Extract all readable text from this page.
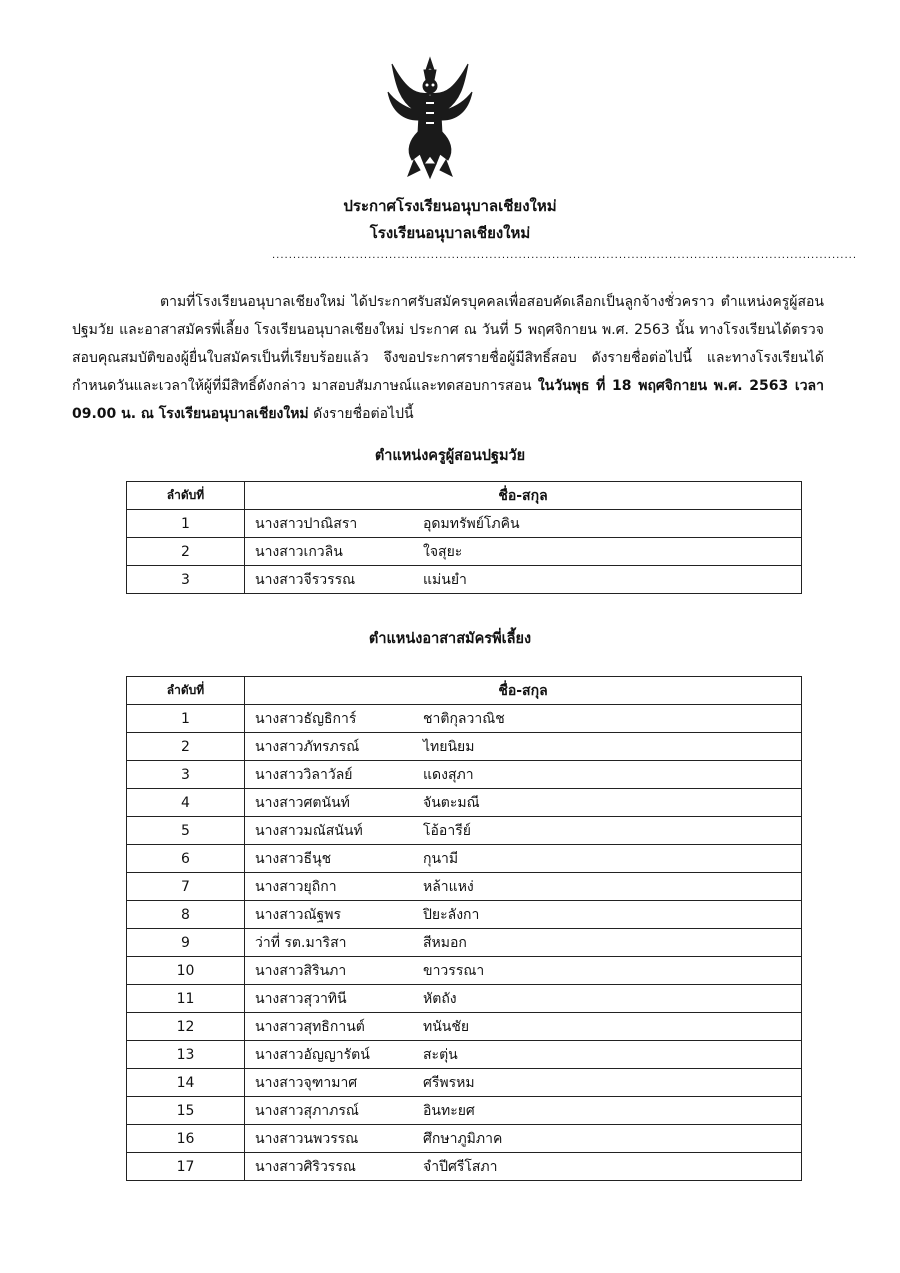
ประกาศโรงเรียนอนุบาลเชียงใหม่
โรงเรียนอนุบาลเชียงใหม่
............................................................................................................................................
ตามที่โรงเรียนอนุบาลเชียงใหม่ ได้ประกาศรับสมัครบุคคลเพื่อสอบคัดเลือกเป็นลูกจ้างชั่วคราว ตำแหน่งครูผู้สอนปฐมวัย และอาสาสมัครพี่เลี้ยง โรงเรียนอนุบาลเชียงใหม่ ประกาศ ณ วันที่ 5 พฤศจิกายน พ.ศ. 2563 นั้น ทางโรงเรียนได้ตรวจสอบคุณสมบัติของผู้ยื่นใบสมัครเป็นที่เรียบร้อยแล้ว จึงขอประกาศรายชื่อผู้มีสิทธิ์สอบ ดังรายชื่อต่อไปนี้ และทางโรงเรียนได้กำหนดวันและเวลาให้ผู้ที่มีสิทธิ์ดังกล่าว มาสอบสัมภาษณ์และทดสอบการสอน ในวันพุธ ที่ 18 พฤศจิกายน พ.ศ. 2563 เวลา 09.00 น. ณ โรงเรียนอนุบาลเชียงใหม่ ดังรายชื่อต่อไปนี้
ตำแหน่งครูผู้สอนปฐมวัย
ลำดับที่	ชื่อ-สกุล
1	นางสาวปาณิสรา อุดมทรัพย์โภคิน
2	นางสาวเกวลิน ใจสุยะ
3	นางสาวจีรวรรณ แม่นยำ
ตำแหน่งอาสาสมัครพี่เลี้ยง
ลำดับที่	ชื่อ-สกุล
1	นางสาวธัญธิการ์ ชาติกุลวาณิช
2	นางสาวภัทรภรณ์ ไทยนิยม
3	นางสาววิลาวัลย์ แดงสุภา
4	นางสาวศตนันท์ จันตะมณี
5	นางสาวมณัสนันท์ โอ้อารีย์
6	นางสาวธีนุช กุนามี
7	นางสาวยุถิกา หล้าแหง่
8	นางสาวณัฐพร ปิยะลังกา
9	ว่าที่ รต.มาริสา สีหมอก
10	นางสาวสิรินภา ขาวรรณา
11	นางสาวสุวาทินี หัตถัง
12	นางสาวสุทธิกานต์ ทนันชัย
13	นางสาวอัญญารัตน์ สะตุ่น
14	นางสาวจุฑามาศ ศรีพรหม
15	นางสาวสุภาภรณ์ อินทะยศ
16	นางสาวนพวรรณ ศึกษาภูมิภาค
17	นางสาวศิริวรรณ จำปีศรีโสภา
